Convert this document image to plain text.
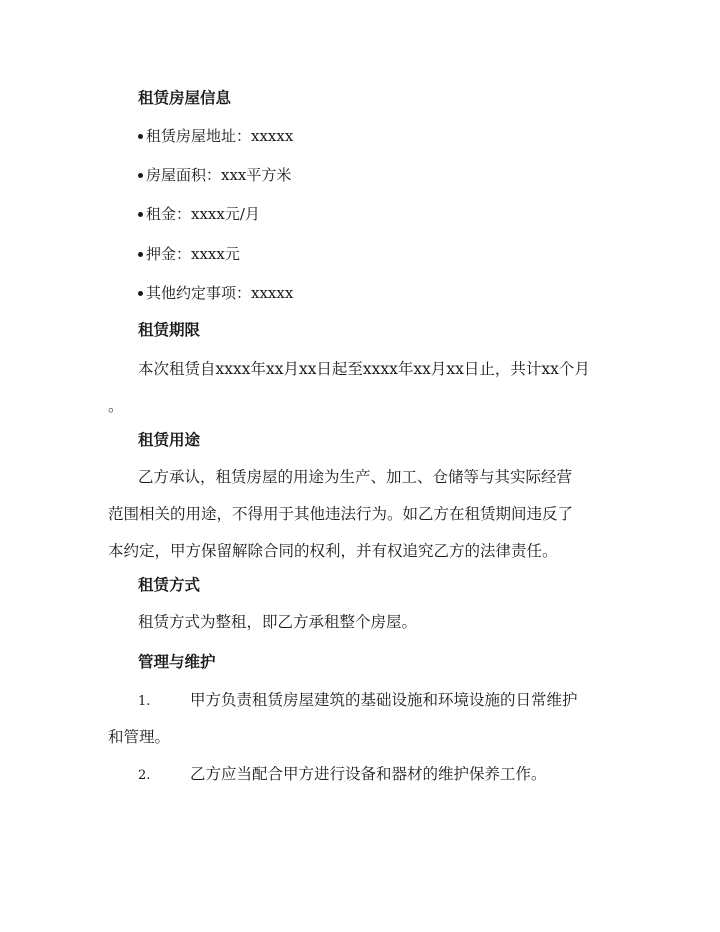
租赁房屋信息
租赁房屋地址：xxxxx
房屋面积：xxx平方米
租金：xxxx元/月
押金：xxxx元
其他约定事项：xxxxx
租赁期限
本次租赁自xxxx年xx月xx日起至xxxx年xx月xx日止，共计xx个月
。
租赁用途
乙方承认，租赁房屋的用途为生产、加工、仓储等与其实际经营
范围相关的用途，不得用于其他违法行为。如乙方在租赁期间违反了
本约定，甲方保留解除合同的权利，并有权追究乙方的法律责任。
租赁方式
租赁方式为整租，即乙方承租整个房屋。
管理与维护
1.	甲方负责租赁房屋建筑的基础设施和环境设施的日常维护
和管理。
2.	乙方应当配合甲方进行设备和器材的维护保养工作。
